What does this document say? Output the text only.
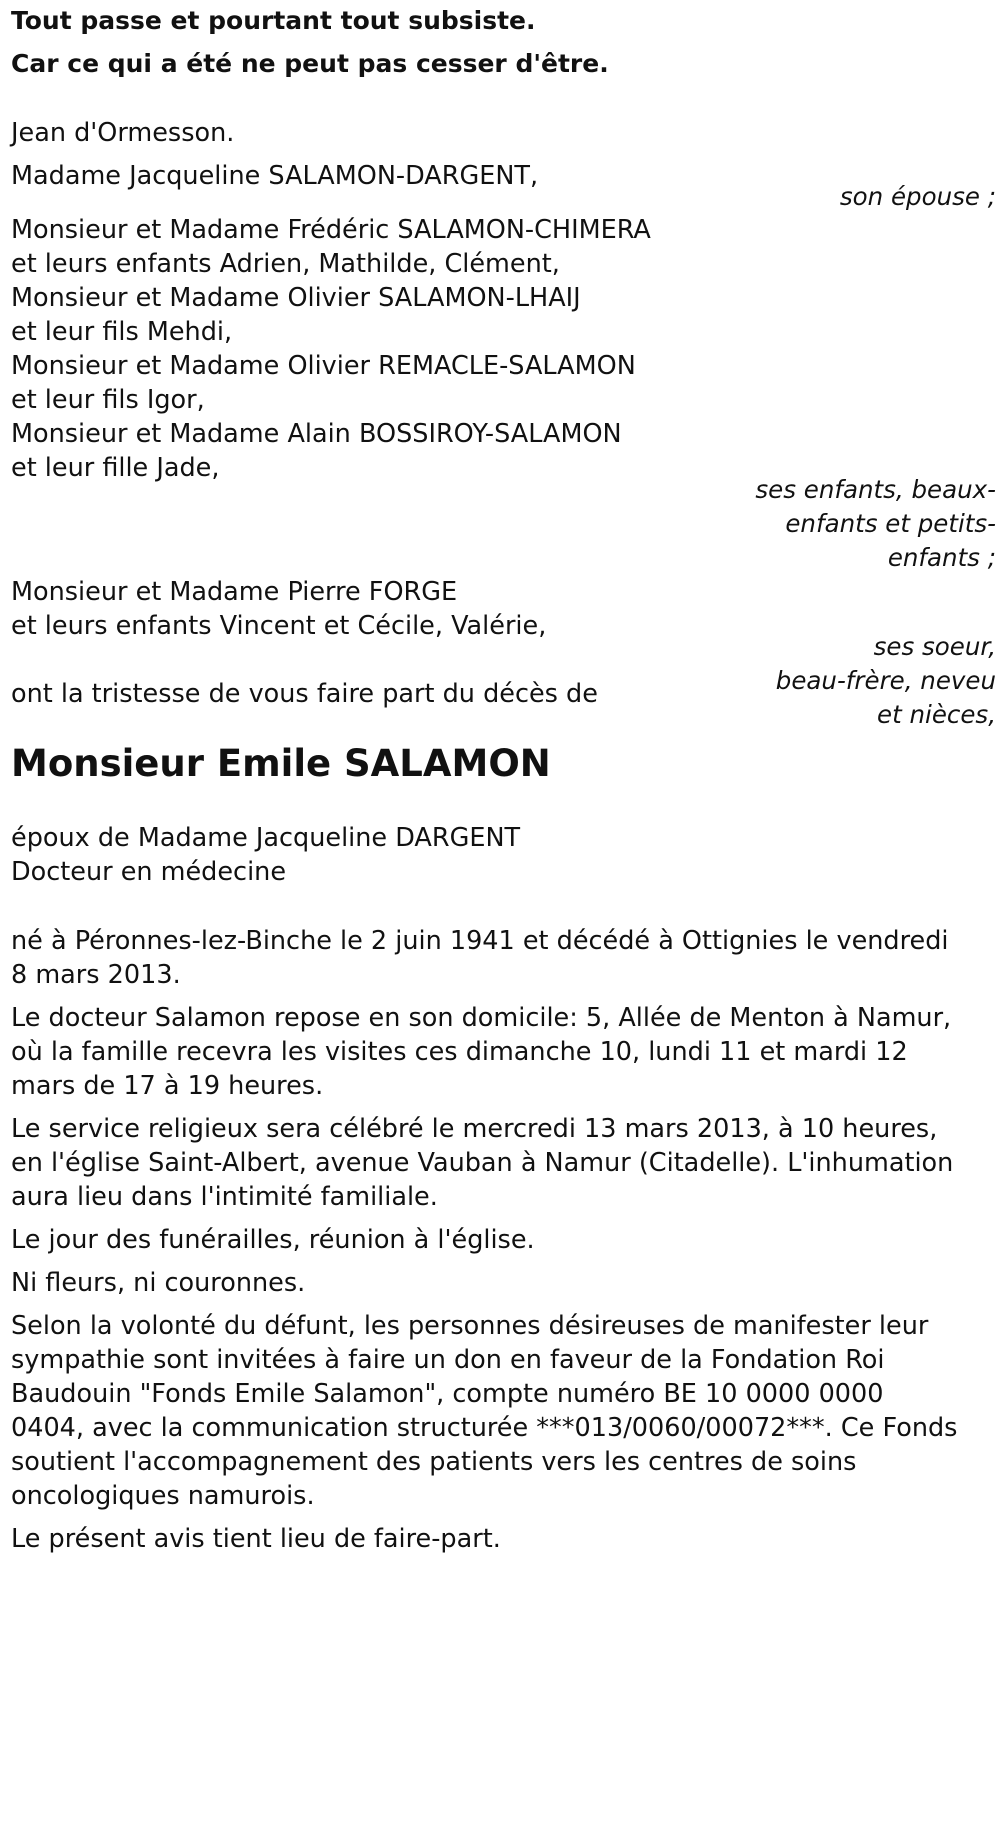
Tout passe et pourtant tout subsiste.
Car ce qui a été ne peut pas cesser d'être.
Jean d'Ormesson.
Madame Jacqueline SALAMON-DARGENT,
son épouse ;
Monsieur et Madame Frédéric SALAMON-CHIMERA
et leurs enfants Adrien, Mathilde, Clément,
Monsieur et Madame Olivier SALAMON-LHAIJ
et leur fils Mehdi,
Monsieur et Madame Olivier REMACLE-SALAMON
et leur fils Igor,
Monsieur et Madame Alain BOSSIROY-SALAMON
et leur fille Jade,
ses enfants, beaux-
enfants et petits-
enfants ;
Monsieur et Madame Pierre FORGE
et leurs enfants Vincent et Cécile, Valérie,
ses soeur,
beau-frère, neveu
et nièces,
ont la tristesse de vous faire part du décès de
Monsieur Emile SALAMON
époux de Madame Jacqueline DARGENT
Docteur en médecine
né à Péronnes-lez-Binche le 2 juin 1941 et décédé à Ottignies le vendredi
8 mars 2013.
Le docteur Salamon repose en son domicile: 5, Allée de Menton à Namur,
où la famille recevra les visites ces dimanche 10, lundi 11 et mardi 12
mars de 17 à 19 heures.
Le service religieux sera célébré le mercredi 13 mars 2013, à 10 heures,
en l'église Saint-Albert, avenue Vauban à Namur (Citadelle). L'inhumation
aura lieu dans l'intimité familiale.
Le jour des funérailles, réunion à l'église.
Ni fleurs, ni couronnes.
Selon la volonté du défunt, les personnes désireuses de manifester leur
sympathie sont invitées à faire un don en faveur de la Fondation Roi
Baudouin "Fonds Emile Salamon", compte numéro BE 10 0000 0000
0404, avec la communication structurée ***013/0060/00072***. Ce Fonds
soutient l'accompagnement des patients vers les centres de soins
oncologiques namurois.
Le présent avis tient lieu de faire-part.
